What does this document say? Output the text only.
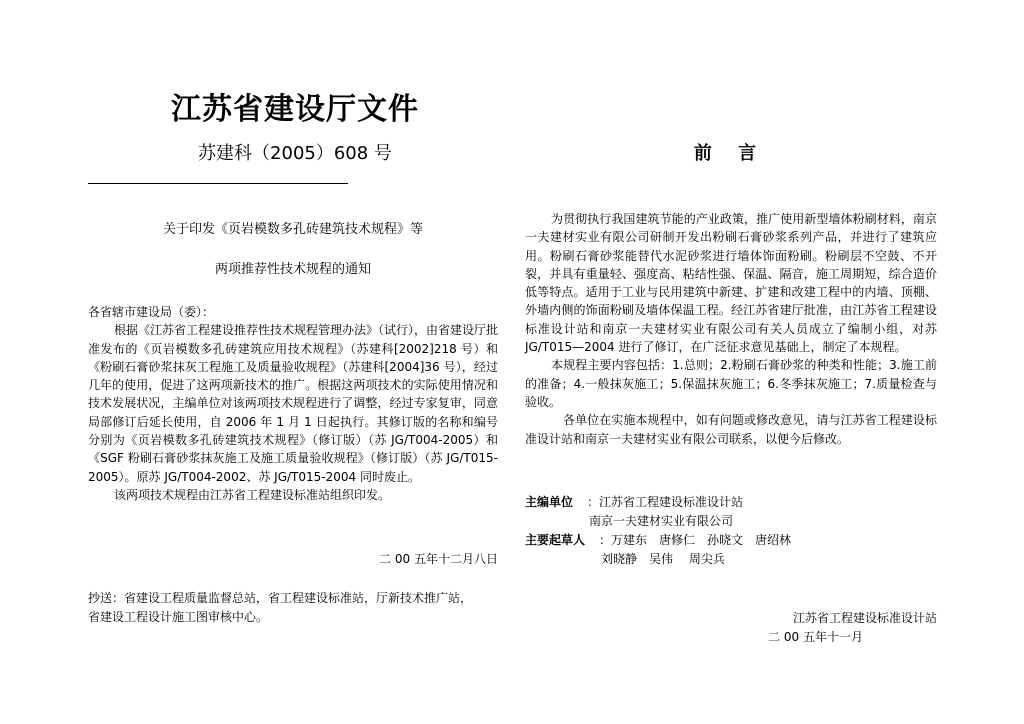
江苏省建设厅文件
苏建科（2005）608 号
关于印发《页岩模数多孔砖建筑技术规程》等
两项推荐性技术规程的通知

各省辖市建设局（委）：

根据《江苏省工程建设推荐性技术规程管理办法》（试行），由省建设厅批准发布的《页岩模数多孔砖建筑应用技术规程》（苏建科[2002]218 号）和《粉刷石膏砂浆抹灰工程施工及质量验收规程》（苏建科[2004]36 号），经过几年的使用，促进了这两项新技术的推广。根据这两项技术的实际使用情况和技术发展状况，主编单位对该两项技术规程进行了调整，经过专家复审，同意局部修订后延长使用，自 2006 年 1 月 1 日起执行。其修订版的名称和编号分别为《页岩模数多孔砖建筑技术规程》（修订版）（苏 JG/T004-2005）和《SGF 粉刷石膏砂浆抹灰施工及施工质量验收规程》（修订版）（苏 JG/T015-2005）。原苏 JG/T004-2002、苏 JG/T015-2004 同时废止。

该两项技术规程由江苏省工程建设标准站组织印发。

二 00 五年十二月八日
抄送：省建设工程质量监督总站，省工程建设标准站，厅新技术推广站，
省建设工程设计施工图审核中心。
前 言

为贯彻执行我国建筑节能的产业政策，推广使用新型墙体粉刷材料，南京一夫建材实业有限公司研制开发出粉刷石膏砂浆系列产品，并进行了建筑应用。粉刷石膏砂浆能替代水泥砂浆进行墙体饰面粉刷。粉刷层不空鼓、不开裂，并具有重量轻、强度高、粘结性强、保温、隔音，施工周期短，综合造价低等特点。适用于工业与民用建筑中新建、扩建和改建工程中的内墙、顶棚、外墙内侧的饰面粉刷及墙体保温工程。经江苏省建厅批准，由江苏省工程建设标准设计站和南京一夫建材实业有限公司有关人员成立了编制小组，对苏 JG/T015—2004 进行了修订，在广泛征求意见基础上，制定了本规程。

本规程主要内容包括：1.总则；2.粉刷石膏砂浆的种类和性能；3.施工前的准备；4.一般抹灰施工；5.保温抹灰施工；6.冬季抹灰施工；7.质量检查与验收。

各单位在实施本规程中，如有问题或修改意见，请与江苏省工程建设标准设计站和南京一夫建材实业有限公司联系，以便今后修改。

主编单位	：江苏省工程建设标准设计站
南京一夫建材实业有限公司
主要起草人	：万建东　唐修仁　孙晓文　唐绍林
刘晓静　吴伟　 周尖兵
江苏省工程建设标准设计站
二 00 五年十一月
